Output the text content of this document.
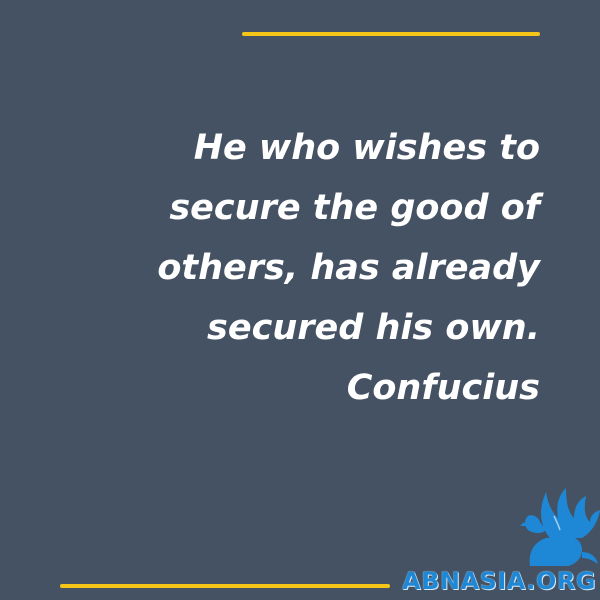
He who wishes to
secure the good of
others, has already
secured his own.

Confucius

ABNASIA.ORG
